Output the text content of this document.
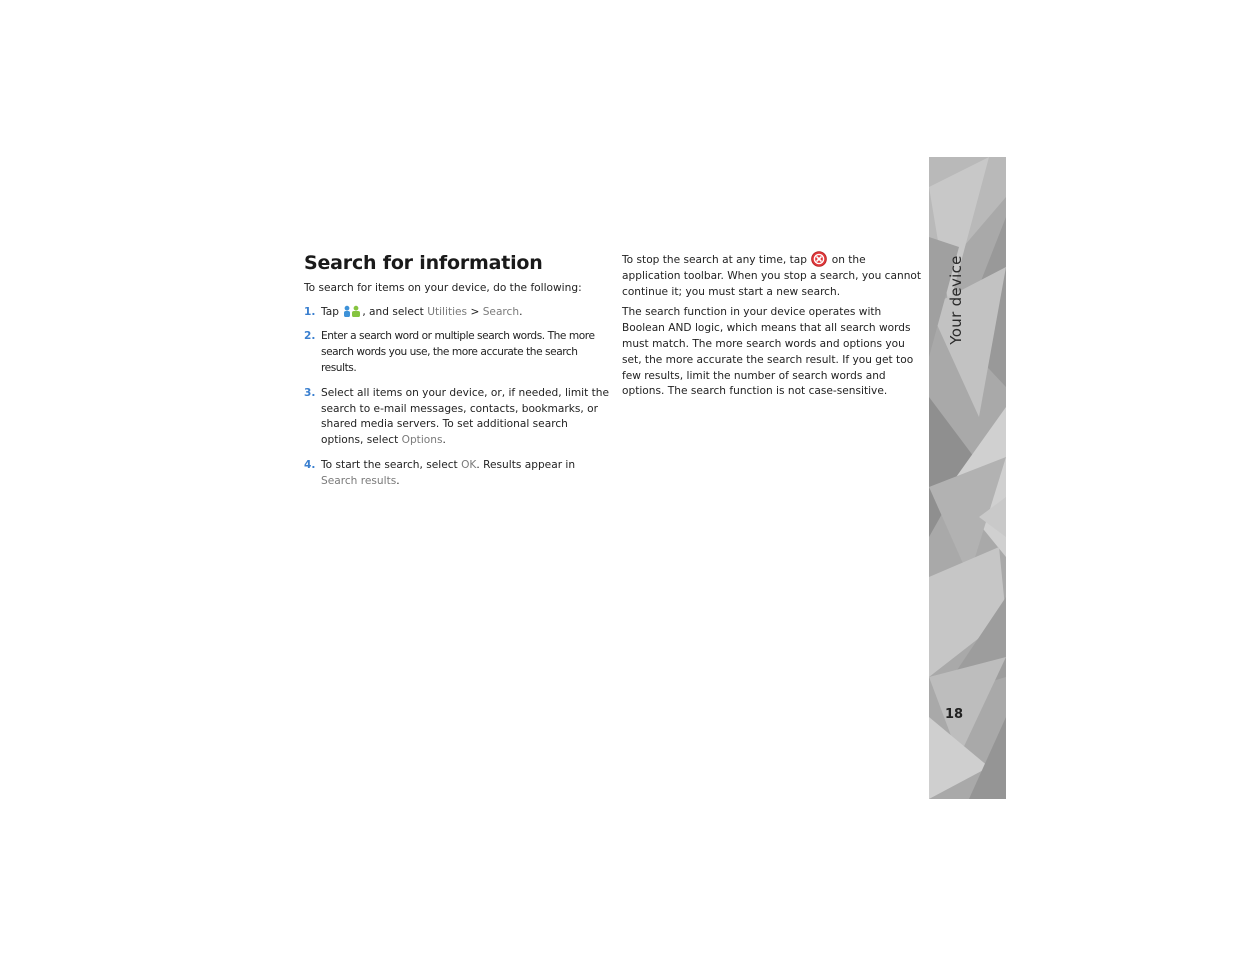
Search for information

To search for items on your device, do the following:

1. Tap , and select Utilities > Search.
2. Enter a search word or multiple search words. The more search words you use, the more accurate the search results.
3. Select all items on your device, or, if needed, limit the search to e-mail messages, contacts, bookmarks, or shared media servers. To set additional search options, select Options.
4. To start the search, select OK. Results appear in Search results.

To stop the search at any time, tap  on the application toolbar. When you stop a search, you cannot continue it; you must start a new search.

The search function in your device operates with Boolean AND logic, which means that all search words must match. The more search words and options you set, the more accurate the search result. If you get too few results, limit the number of search words and options. The search function is not case-sensitive.

Your device
18
